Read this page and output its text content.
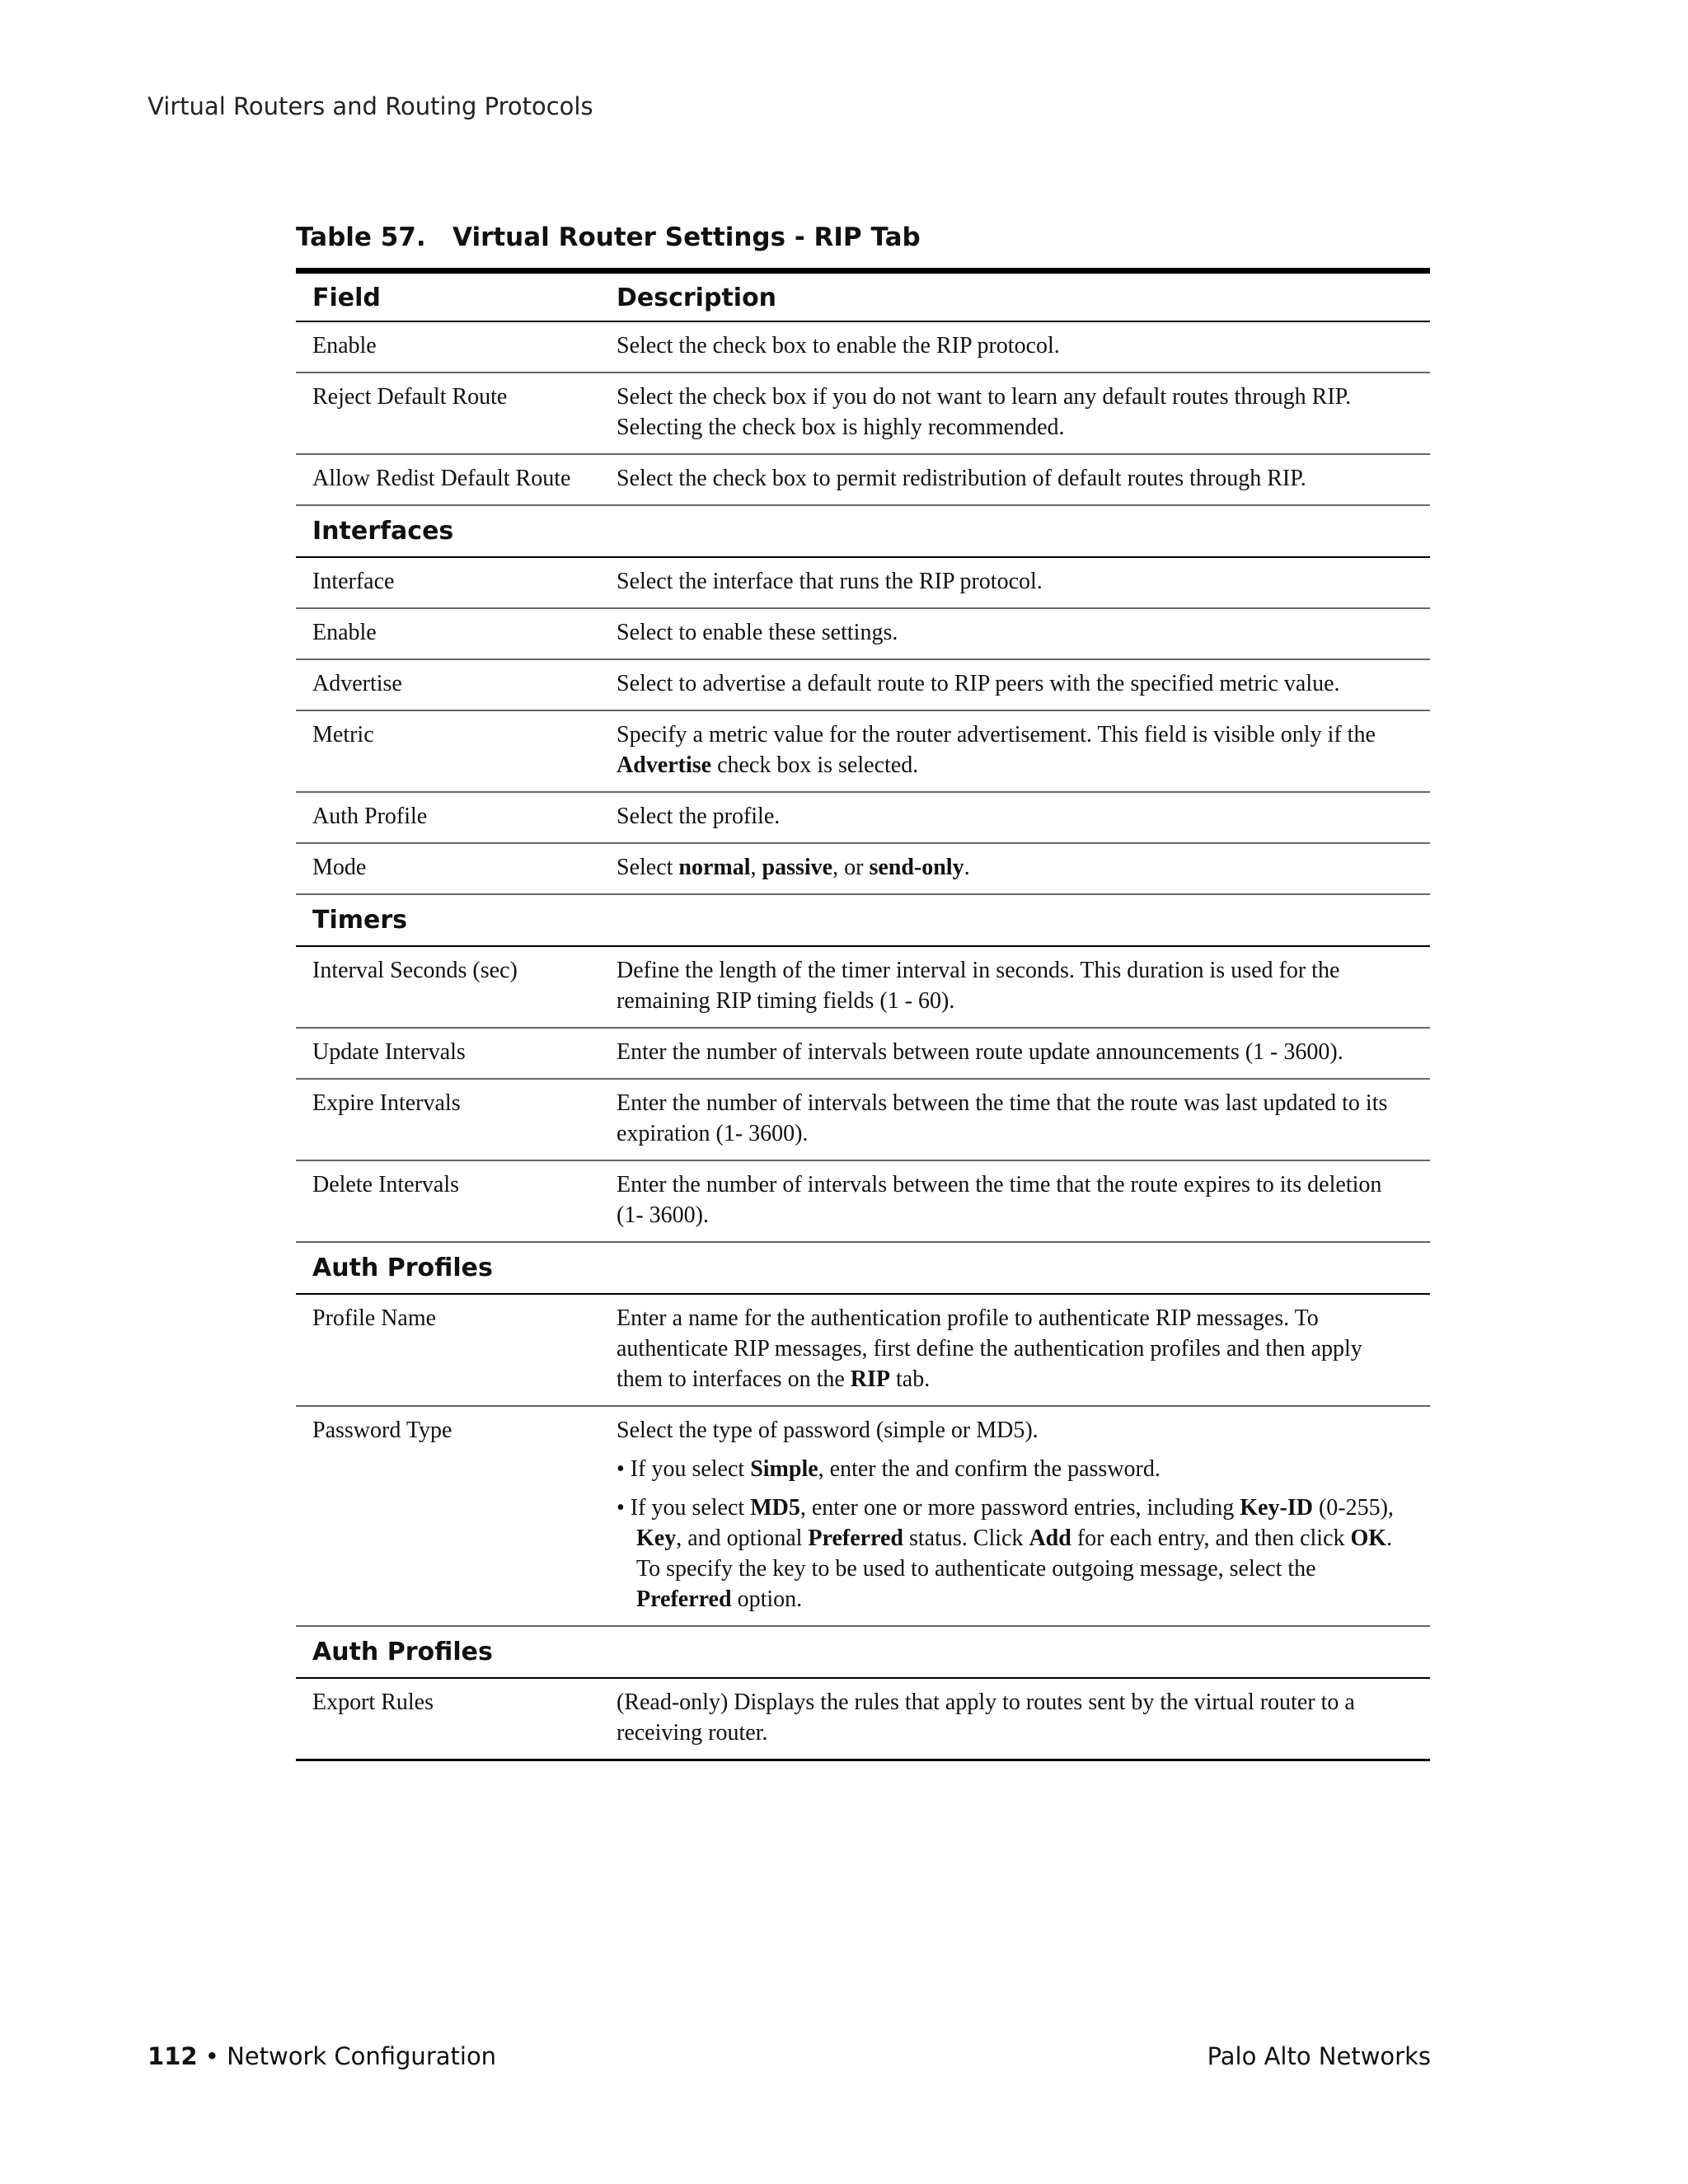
Virtual Routers and Routing Protocols
Table 57.   Virtual Router Settings - RIP Tab
Field	Description
Enable	Select the check box to enable the RIP protocol.
Reject Default Route	Select the check box if you do not want to learn any default routes through RIP. Selecting the check box is highly recommended.
Allow Redist Default Route	Select the check box to permit redistribution of default routes through RIP.
Interfaces	
Interface	Select the interface that runs the RIP protocol.
Enable	Select to enable these settings.
Advertise	Select to advertise a default route to RIP peers with the specified metric value.
Metric	Specify a metric value for the router advertisement. This field is visible only if the Advertise check box is selected.
Auth Profile	Select the profile.
Mode	Select normal, passive, or send-only.
Timers	
Interval Seconds (sec)	Define the length of the timer interval in seconds. This duration is used for the remaining RIP timing fields (1 - 60).
Update Intervals	Enter the number of intervals between route update announcements (1 - 3600).
Expire Intervals	Enter the number of intervals between the time that the route was last updated to its expiration (1- 3600).
Delete Intervals	Enter the number of intervals between the time that the route expires to its deletion (1- 3600).
Auth Profiles	
Profile Name	Enter a name for the authentication profile to authenticate RIP messages. To authenticate RIP messages, first define the authentication profiles and then apply them to interfaces on the RIP tab.
Password Type	Select the type of password (simple or MD5).

• If you select Simple, enter the and confirm the password.

• If you select MD5, enter one or more password entries, including Key-ID (0-255), Key, and optional Preferred status. Click Add for each entry, and then click OK. To specify the key to be used to authenticate outgoing message, select the Preferred option.

Auth Profiles	
Export Rules	(Read-only) Displays the rules that apply to routes sent by the virtual router to a receiving router.
112 • Network Configuration	Palo Alto Networks
